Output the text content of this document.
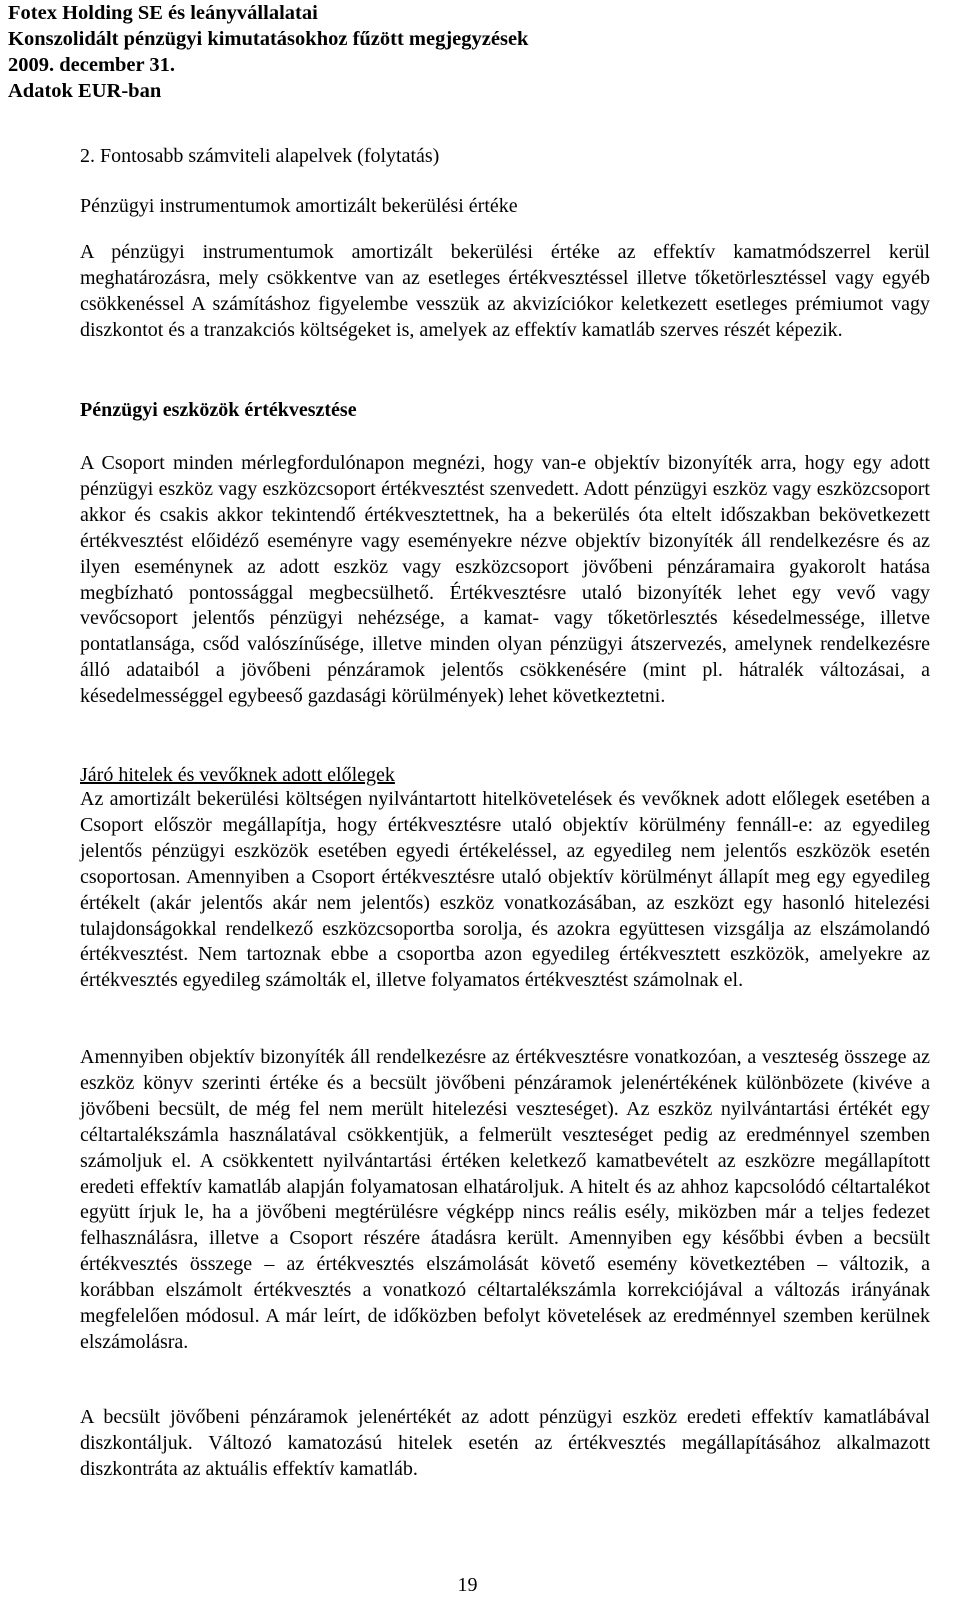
Fotex Holding SE és leányvállalatai
Konszolidált pénzügyi kimutatásokhoz fűzött megjegyzések
2009. december 31.
Adatok EUR-ban
2. Fontosabb számviteli alapelvek (folytatás)
Pénzügyi instrumentumok amortizált bekerülési értéke
A pénzügyi instrumentumok amortizált bekerülési értéke az effektív kamatmódszerrel kerül meghatározásra, mely csökkentve van az esetleges értékvesztéssel illetve tőketörlesztéssel vagy egyéb csökkenéssel A számításhoz figyelembe vesszük az akvizíciókor keletkezett esetleges prémiumot vagy diszkontot és a tranzakciós költségeket is, amelyek az effektív kamatláb szerves részét képezik.
Pénzügyi eszközök értékvesztése
A Csoport minden mérlegfordulónapon megnézi, hogy van-e objektív bizonyíték arra, hogy egy adott pénzügyi eszköz vagy eszközcsoport értékvesztést szenvedett. Adott pénzügyi eszköz vagy eszközcsoport akkor és csakis akkor tekintendő értékvesztettnek, ha a bekerülés óta eltelt időszakban bekövetkezett értékvesztést előidéző eseményre vagy eseményekre nézve objektív bizonyíték áll rendelkezésre és az ilyen eseménynek az adott eszköz vagy eszközcsoport jövőbeni pénzáramaira gyakorolt hatása megbízható pontossággal megbecsülhető. Értékvesztésre utaló bizonyíték lehet egy vevő vagy vevőcsoport jelentős pénzügyi nehézsége, a kamat- vagy tőketörlesztés késedelmessége, illetve pontatlansága, csőd valószínűsége, illetve minden olyan pénzügyi átszervezés, amelynek rendelkezésre álló adataiból a jövőbeni pénzáramok jelentős csökkenésére (mint pl. hátralék változásai, a késedelmességgel egybeeső gazdasági körülmények) lehet következtetni.
Járó hitelek és vevőknek adott előlegek
Az amortizált bekerülési költségen nyilvántartott hitelkövetelések és vevőknek adott előlegek esetében a Csoport először megállapítja, hogy értékvesztésre utaló objektív körülmény fennáll-e: az egyedileg jelentős pénzügyi eszközök esetében egyedi értékeléssel, az egyedileg nem jelentős eszközök esetén csoportosan. Amennyiben a Csoport értékvesztésre utaló objektív körülményt állapít meg egy egyedileg értékelt (akár jelentős akár nem jelentős) eszköz vonatkozásában, az eszközt egy hasonló hitelezési tulajdonságokkal rendelkező eszközcsoportba sorolja, és azokra együttesen vizsgálja az elszámolandó értékvesztést. Nem tartoznak ebbe a csoportba azon egyedileg értékvesztett eszközök, amelyekre az értékvesztés egyedileg számolták el, illetve folyamatos értékvesztést számolnak el.
Amennyiben objektív bizonyíték áll rendelkezésre az értékvesztésre vonatkozóan, a veszteség összege az eszköz könyv szerinti értéke és a becsült jövőbeni pénzáramok jelenértékének különbözete (kivéve a jövőbeni becsült, de még fel nem merült hitelezési veszteséget). Az eszköz nyilvántartási értékét egy céltartalékszámla használatával csökkentjük, a felmerült veszteséget pedig az eredménnyel szemben számoljuk el. A csökkentett nyilvántartási értéken keletkező kamatbevételt az eszközre megállapított eredeti effektív kamatláb alapján folyamatosan elhatároljuk. A hitelt és az ahhoz kapcsolódó céltartalékot együtt írjuk le, ha a jövőbeni megtérülésre végképp nincs reális esély, miközben már a teljes fedezet felhasználásra, illetve a Csoport részére átadásra került. Amennyiben egy későbbi évben a becsült értékvesztés összege – az értékvesztés elszámolását követő esemény következtében – változik, a korábban elszámolt értékvesztés a vonatkozó céltartalékszámla korrekciójával a változás irányának megfelelően módosul. A már leírt, de időközben befolyt követelések az eredménnyel szemben kerülnek elszámolásra.
A becsült jövőbeni pénzáramok jelenértékét az adott pénzügyi eszköz eredeti effektív kamatlábával diszkontáljuk. Változó kamatozású hitelek esetén az értékvesztés megállapításához alkalmazott diszkontráta az aktuális effektív kamatláb.
19
